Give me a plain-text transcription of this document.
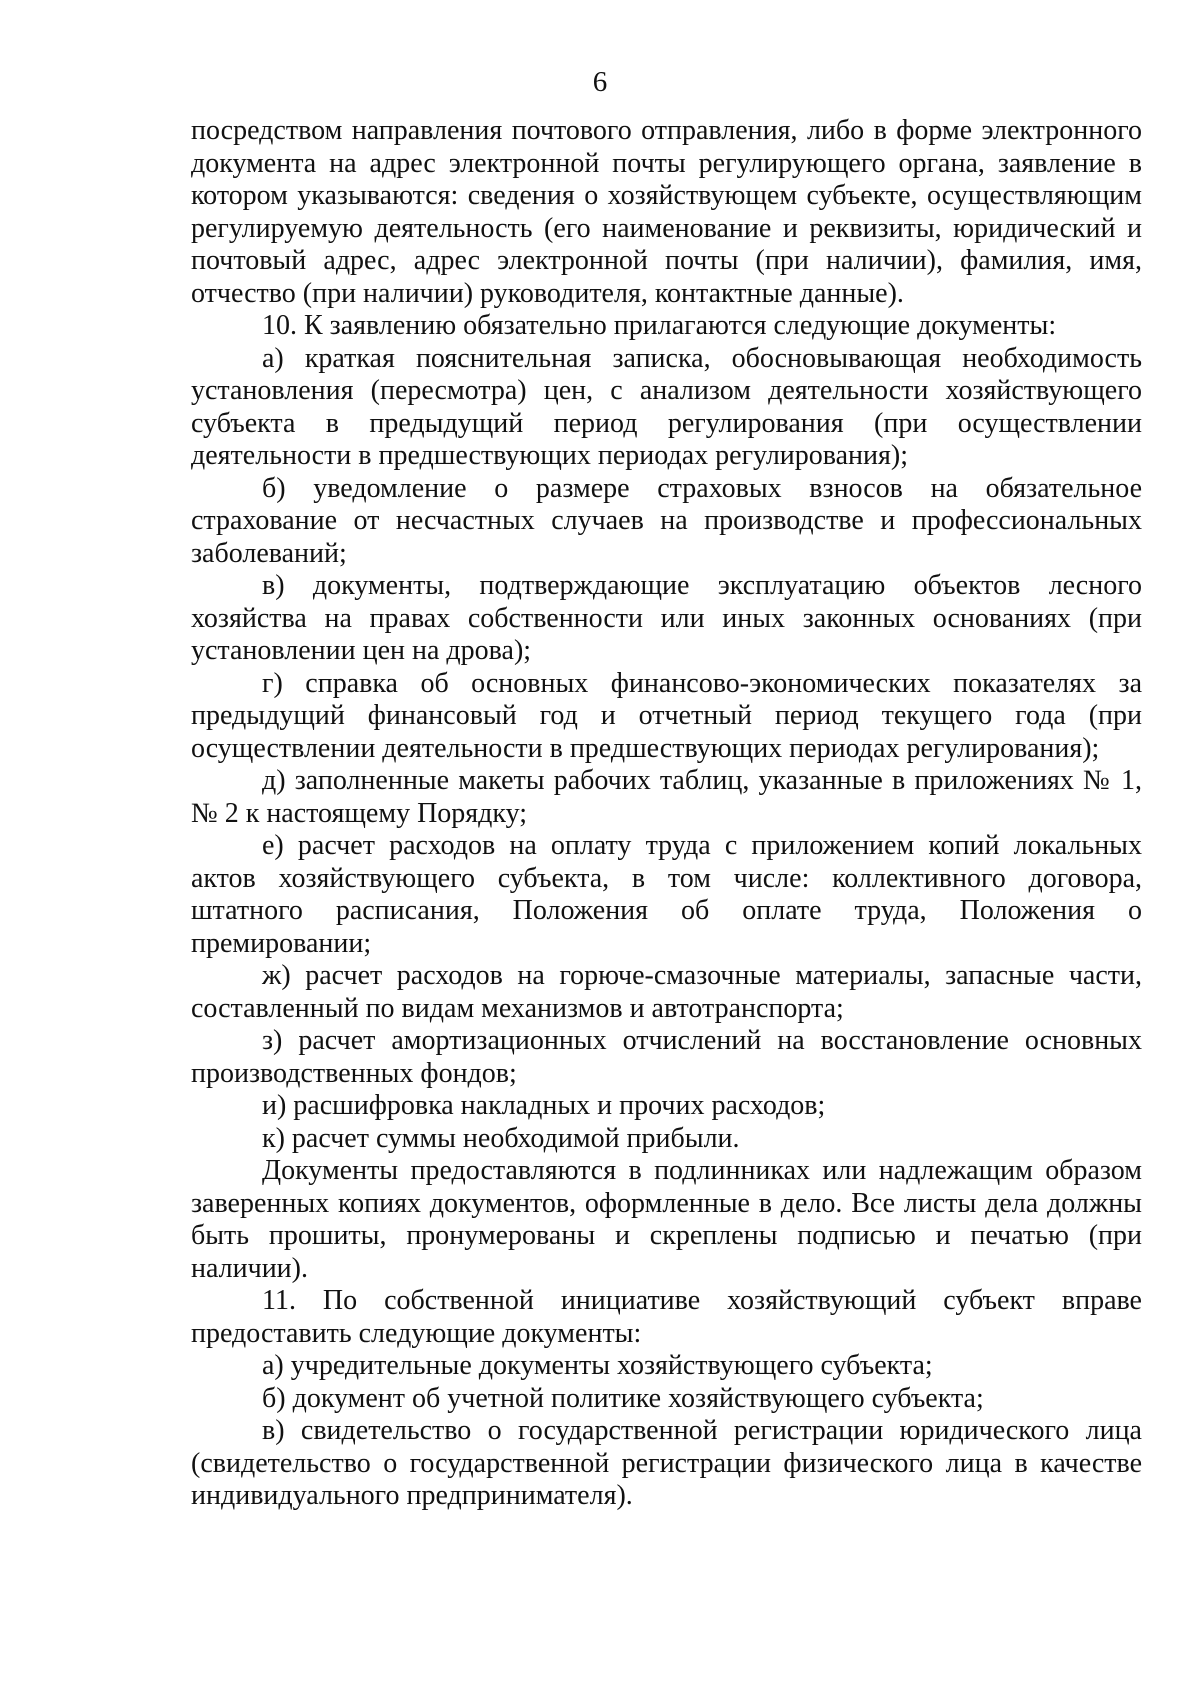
6

посредством направления почтового отправления, либо в форме электронного документа на адрес электронной почты регулирующего органа, заявление в котором указываются: сведения о хозяйствующем субъекте, осуществляющим регулируемую деятельность (его наименование и реквизиты, юридический и почтовый адрес, адрес электронной почты (при наличии), фамилия, имя, отчество (при наличии) руководителя, контактные данные).

10. К заявлению обязательно прилагаются следующие документы:

а) краткая пояснительная записка, обосновывающая необходимость установления (пересмотра) цен, с анализом деятельности хозяйствующего субъекта в предыдущий период регулирования (при осуществлении деятельности в предшествующих периодах регулирования);

б) уведомление о размере страховых взносов на обязательное страхование от несчастных случаев на производстве и профессиональных заболеваний;

в) документы, подтверждающие эксплуатацию объектов лесного хозяйства на правах собственности или иных законных основаниях (при установлении цен на дрова);

г) справка об основных финансово-экономических показателях за предыдущий финансовый год и отчетный период текущего года (при осуществлении деятельности в предшествующих периодах регулирования);

д) заполненные макеты рабочих таблиц, указанные в приложениях № 1, № 2 к настоящему Порядку;

е) расчет расходов на оплату труда с приложением копий локальных актов хозяйствующего субъекта, в том числе: коллективного договора, штатного расписания, Положения об оплате труда, Положения о премировании;

ж) расчет расходов на горюче-смазочные материалы, запасные части, составленный по видам механизмов и автотранспорта;

з) расчет амортизационных отчислений на восстановление основных производственных фондов;

и) расшифровка накладных и прочих расходов;

к) расчет суммы необходимой прибыли.

Документы предоставляются в подлинниках или надлежащим образом заверенных копиях документов, оформленные в дело. Все листы дела должны быть прошиты, пронумерованы и скреплены подписью и печатью (при наличии).

11. По собственной инициативе хозяйствующий субъект вправе предоставить следующие документы:

а) учредительные документы хозяйствующего субъекта;

б) документ об учетной политике хозяйствующего субъекта;

в) свидетельство о государственной регистрации юридического лица (свидетельство о государственной регистрации физического лица в качестве индивидуального предпринимателя).
